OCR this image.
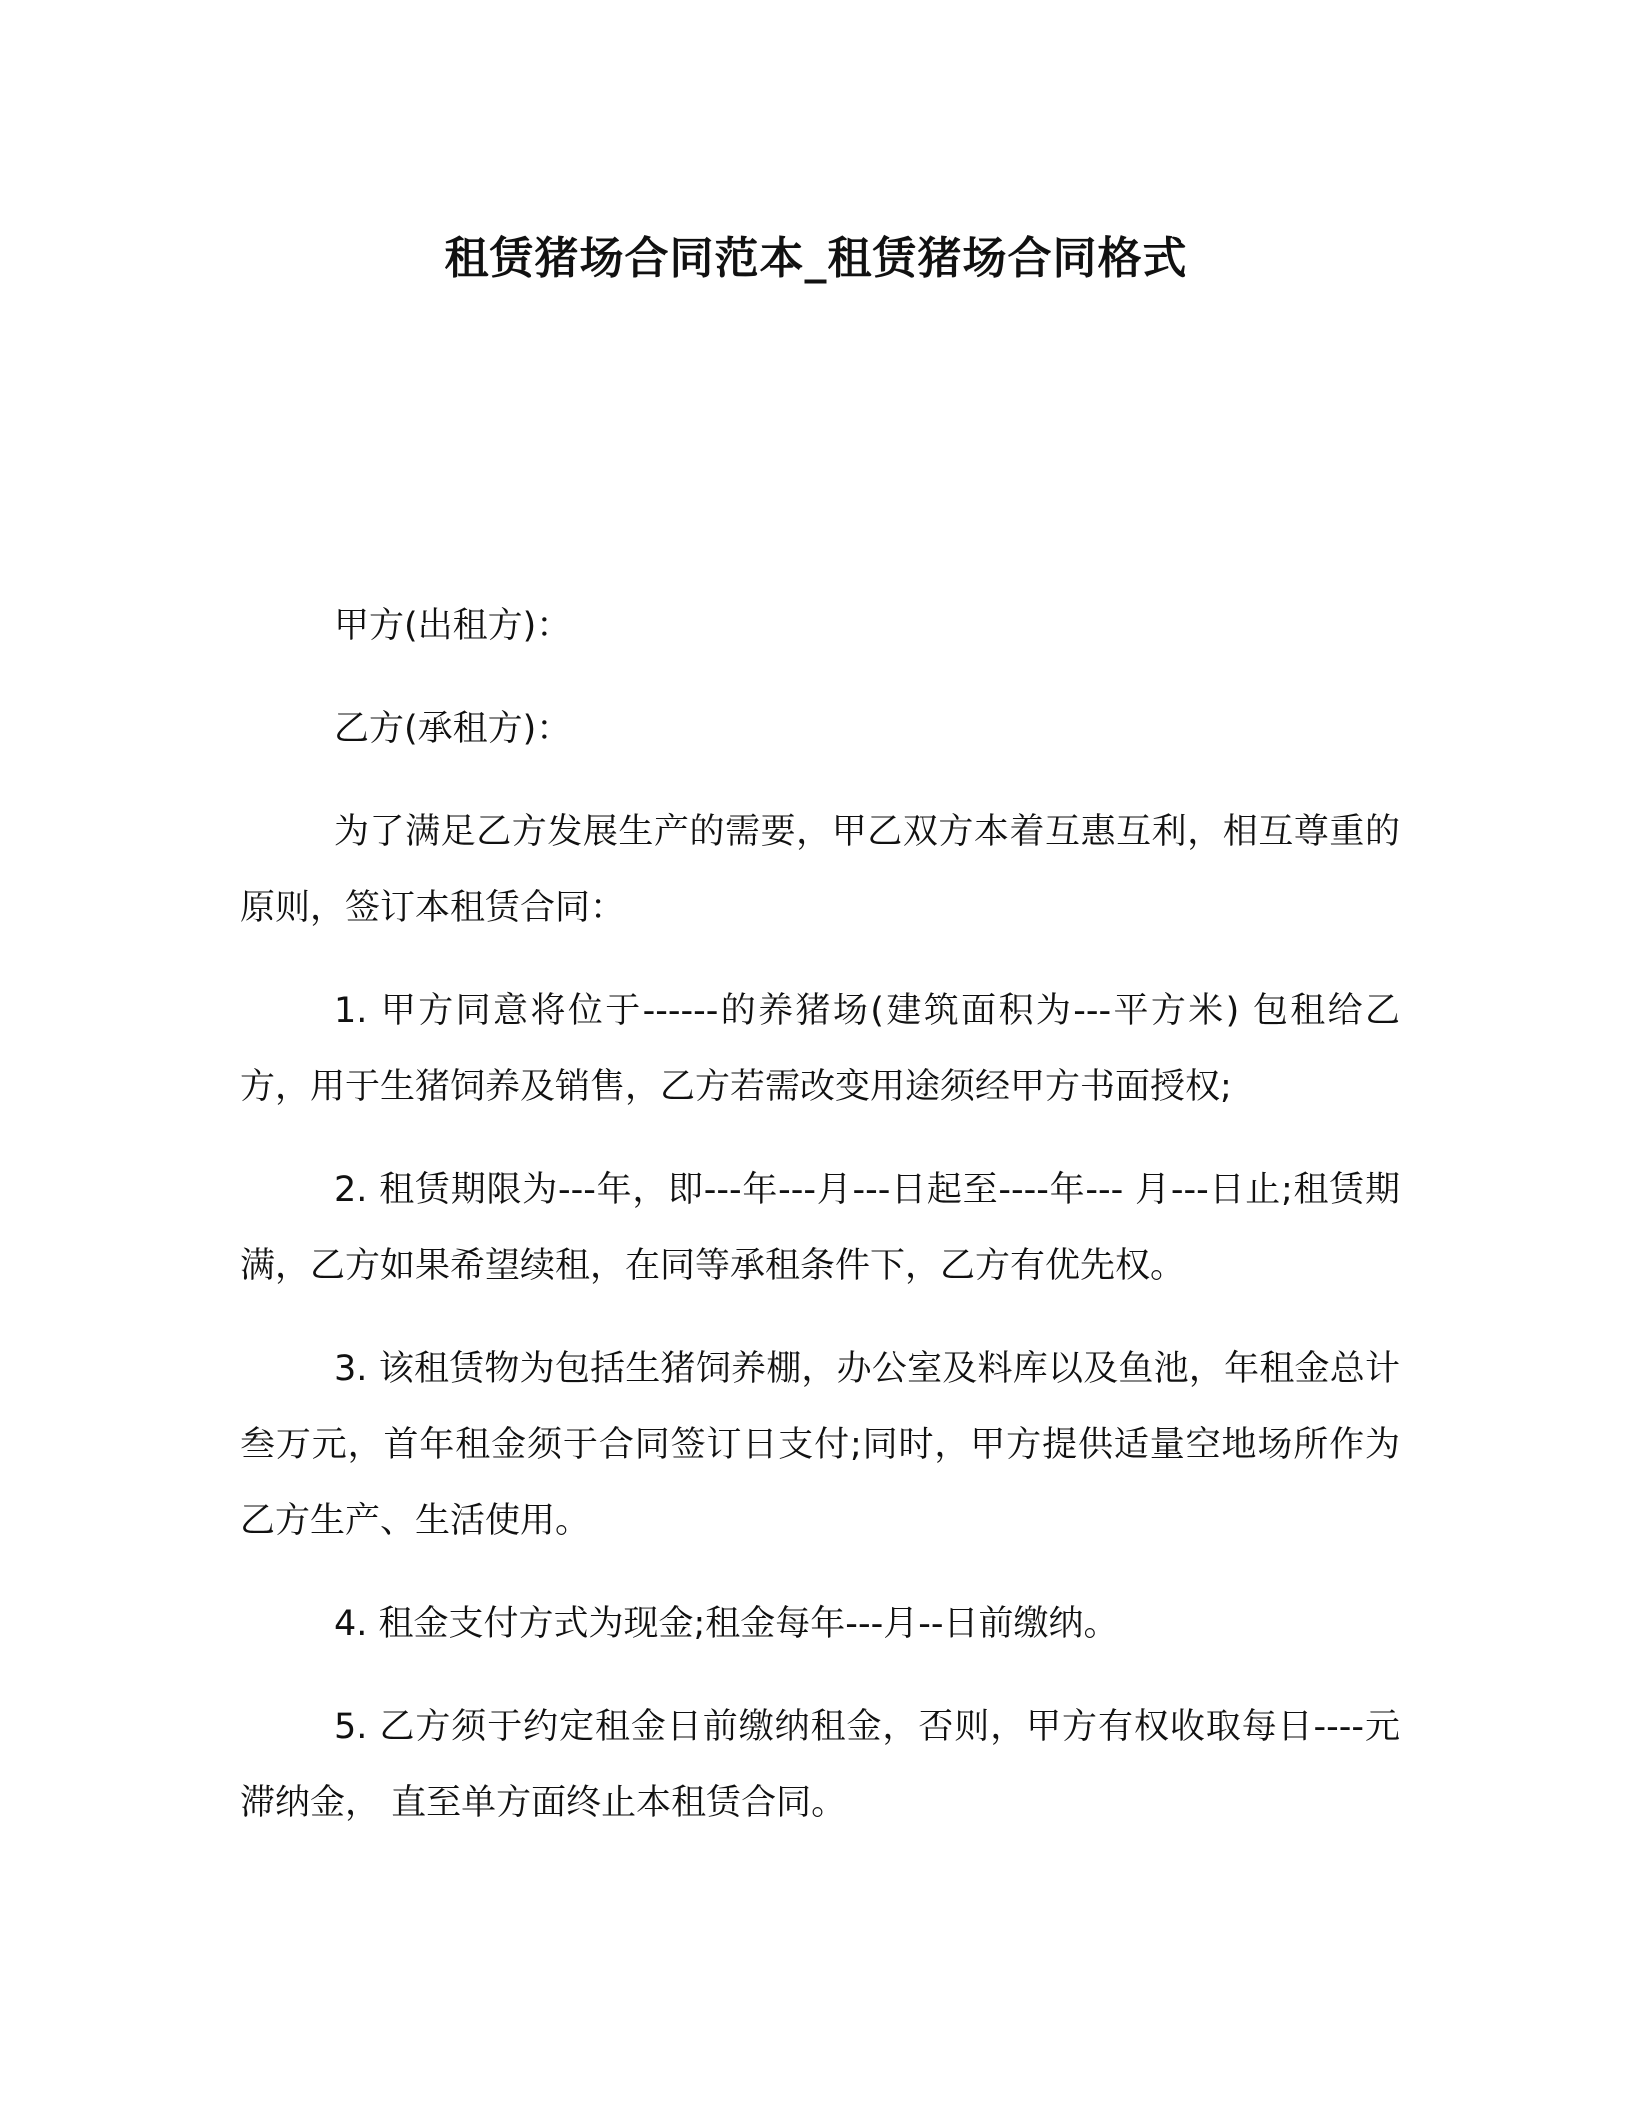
租赁猪场合同范本_租赁猪场合同格式

甲方(出租方)：

乙方(承租方)：

为了满足乙方发展生产的需要，甲乙双方本着互惠互利，相互尊重的原则，签订本租赁合同：

1. 甲方同意将位于------的养猪场(建筑面积为---平方米) 包租给乙方，用于生猪饲养及销售，乙方若需改变用途须经甲方书面授权;

2. 租赁期限为---年，即---年---月---日起至----年--- 月---日止;租赁期满，乙方如果希望续租，在同等承租条件下，乙方有优先权。

3. 该租赁物为包括生猪饲养棚，办公室及料库以及鱼池，年租金总计叁万元，首年租金须于合同签订日支付;同时，甲方提供适量空地场所作为乙方生产、生活使用。

4. 租金支付方式为现金;租金每年---月--日前缴纳。

5. 乙方须于约定租金日前缴纳租金，否则，甲方有权收取每日----元滞纳金， 直至单方面终止本租赁合同。
